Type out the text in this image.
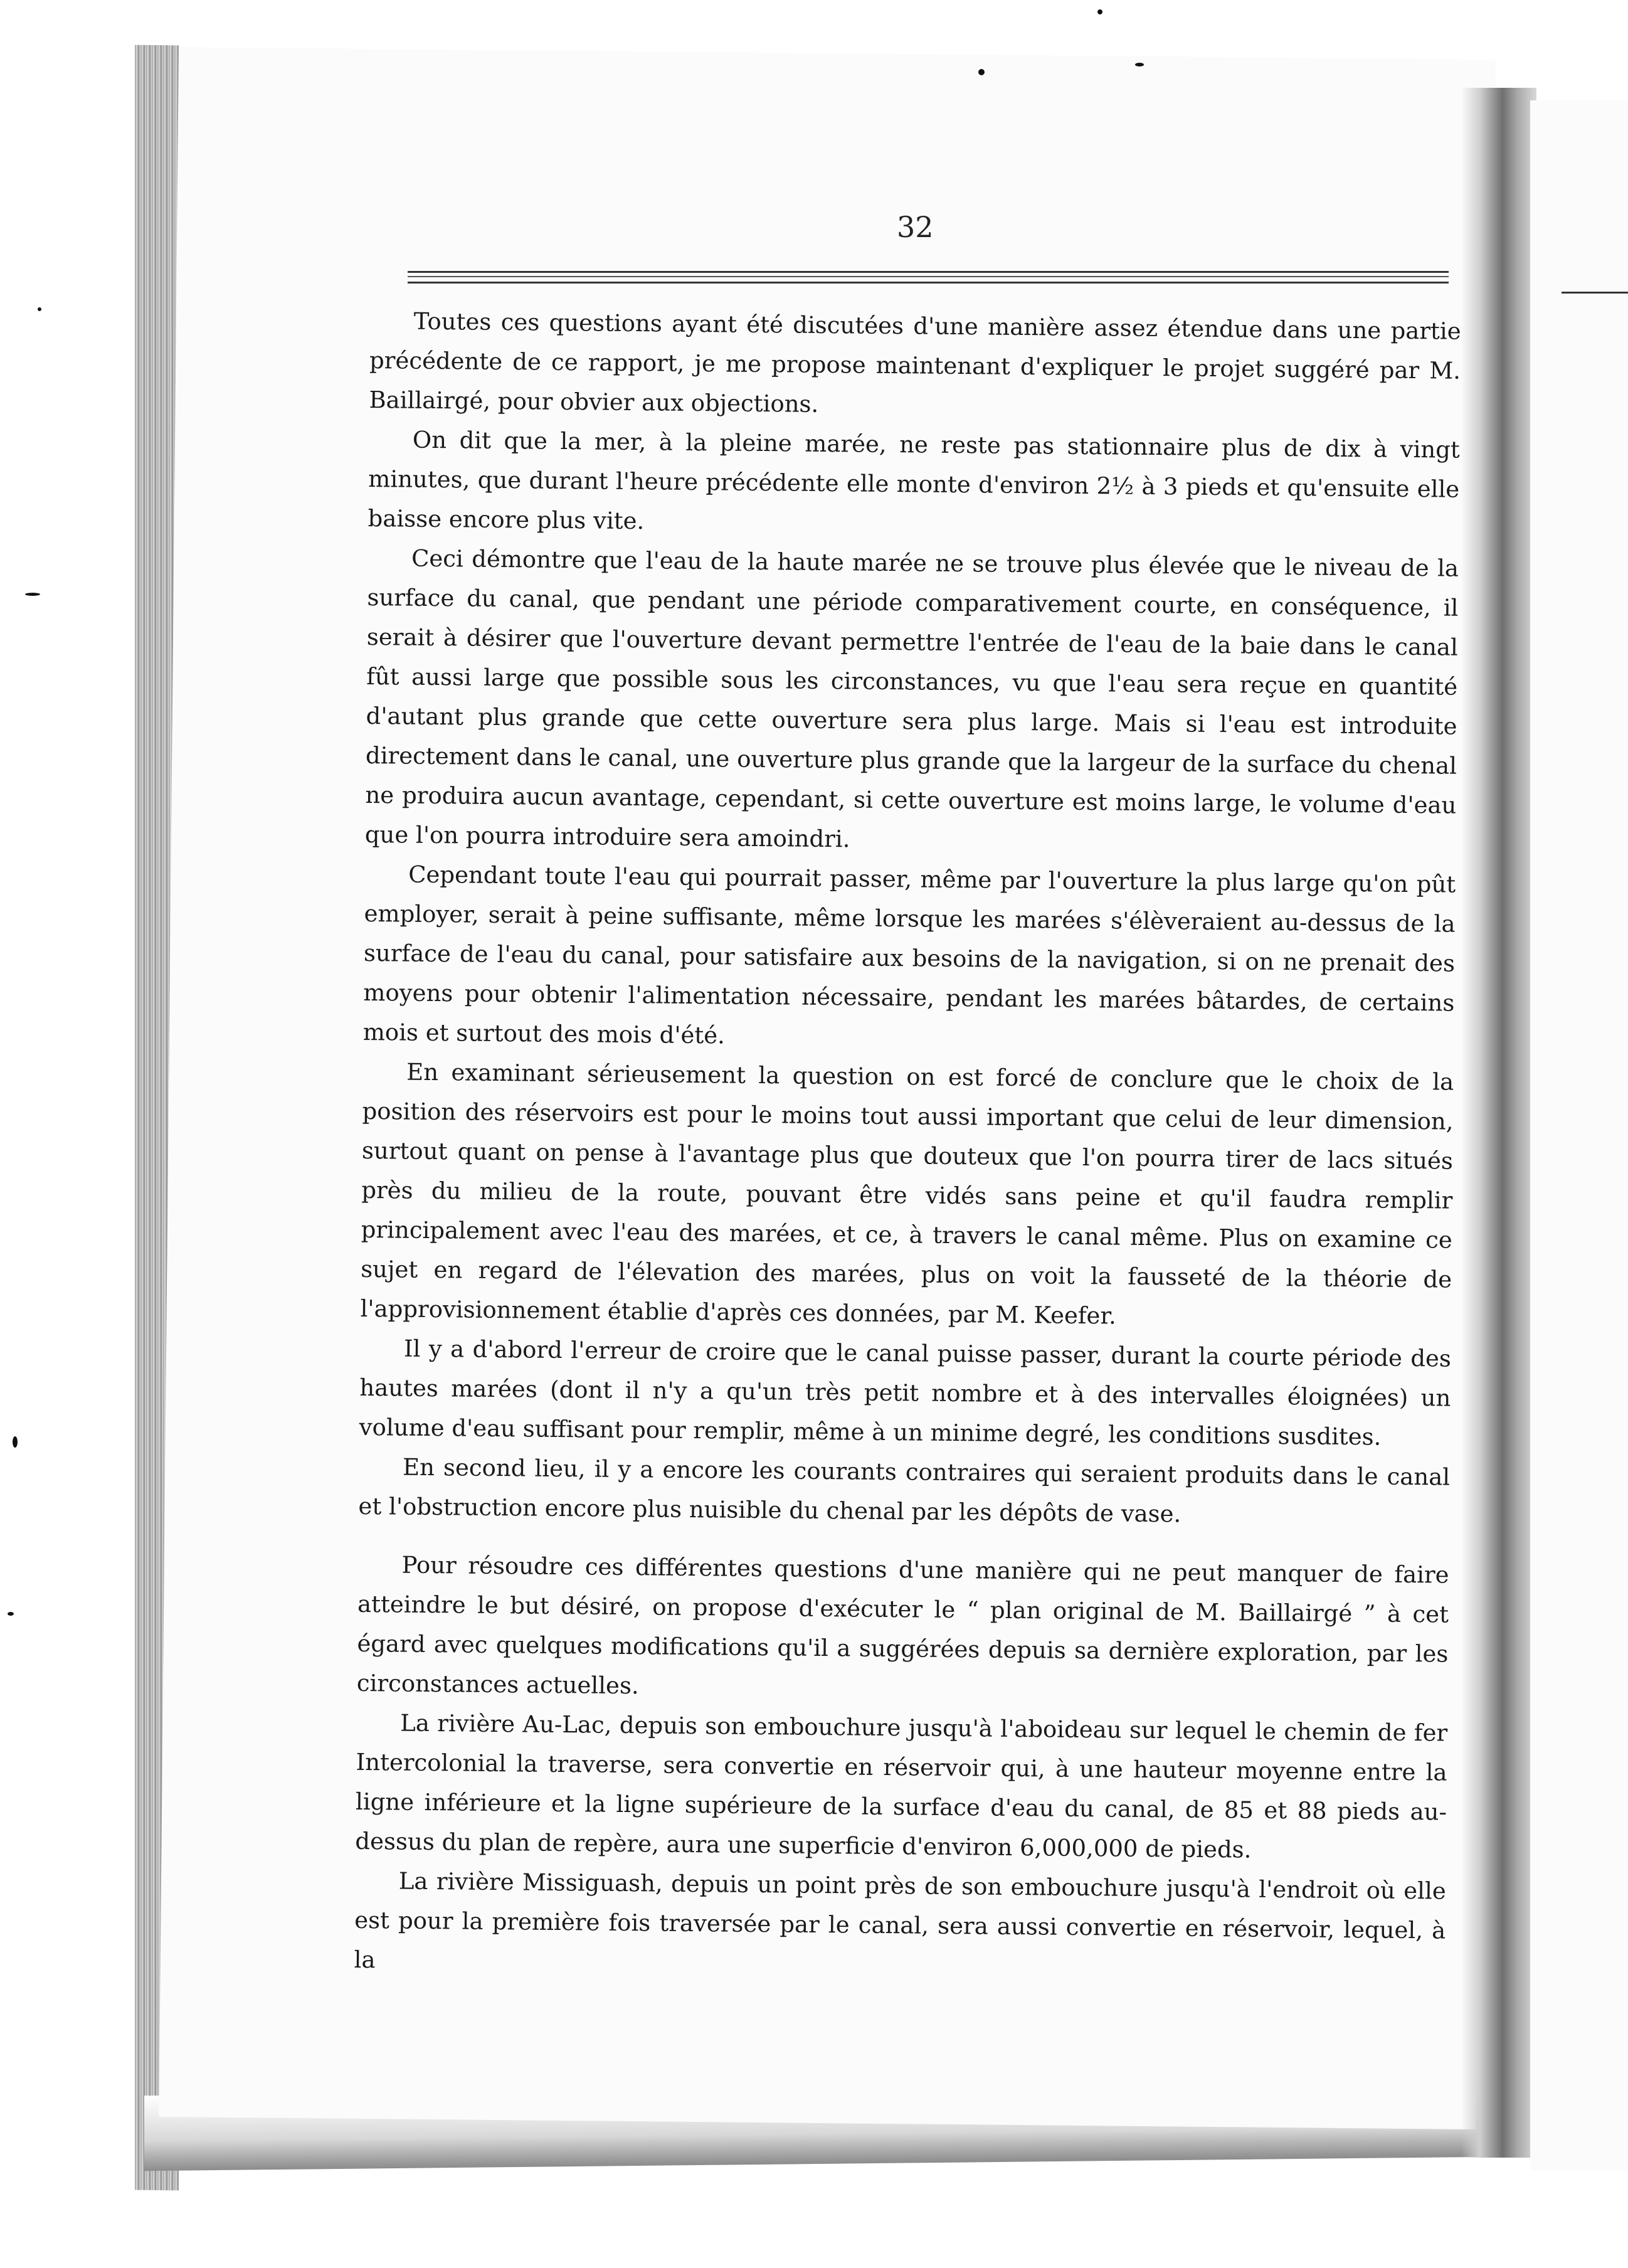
32

Toutes ces questions ayant été discutées d'une manière assez étendue dans une partie précédente de ce rapport, je me propose maintenant d'expliquer le projet suggéré par M. Baillairgé, pour obvier aux objections.

On dit que la mer, à la pleine marée, ne reste pas stationnaire plus de dix à vingt minutes, que durant l'heure précédente elle monte d'environ 2½ à 3 pieds et qu'ensuite elle baisse encore plus vite.

Ceci démontre que l'eau de la haute marée ne se trouve plus élevée que le niveau de la surface du canal, que pendant une période comparativement courte, en conséquence, il serait à désirer que l'ouverture devant permettre l'entrée de l'eau de la baie dans le canal fût aussi large que possible sous les circonstances, vu que l'eau sera reçue en quantité d'autant plus grande que cette ouverture sera plus large. Mais si l'eau est introduite directement dans le canal, une ouverture plus grande que la largeur de la surface du chenal ne produira aucun avantage, cependant, si cette ouverture est moins large, le volume d'eau que l'on pourra introduire sera amoindri.

Cependant toute l'eau qui pourrait passer, même par l'ouverture la plus large qu'on pût employer, serait à peine suffisante, même lorsque les marées s'élèveraient au-dessus de la surface de l'eau du canal, pour satisfaire aux besoins de la navigation, si on ne prenait des moyens pour obtenir l'alimentation nécessaire, pendant les marées bâtardes, de certains mois et surtout des mois d'été.

En examinant sérieusement la question on est forcé de conclure que le choix de la position des réservoirs est pour le moins tout aussi important que celui de leur dimension, surtout quant on pense à l'avantage plus que douteux que l'on pourra tirer de lacs situés près du milieu de la route, pouvant être vidés sans peine et qu'il faudra remplir principalement avec l'eau des marées, et ce, à travers le canal même. Plus on examine ce sujet en regard de l'élevation des marées, plus on voit la fausseté de la théorie de l'approvisionnement établie d'après ces données, par M. Keefer.

Il y a d'abord l'erreur de croire que le canal puisse passer, durant la courte période des hautes marées (dont il n'y a qu'un très petit nombre et à des intervalles éloignées) un volume d'eau suffisant pour remplir, même à un minime degré, les conditions susdites.

En second lieu, il y a encore les courants contraires qui seraient produits dans le canal et l'obstruction encore plus nuisible du chenal par les dépôts de vase.

Pour résoudre ces différentes questions d'une manière qui ne peut manquer de faire atteindre le but désiré, on propose d'exécuter le “ plan original de M. Baillairgé ” à cet égard avec quelques modifications qu'il a suggérées depuis sa dernière exploration, par les circonstances actuelles.

La rivière Au-Lac, depuis son embouchure jusqu'à l'aboideau sur lequel le chemin de fer Intercolonial la traverse, sera convertie en réservoir qui, à une hauteur moyenne entre la ligne inférieure et la ligne supérieure de la surface d'eau du canal, de 85 et 88 pieds au-dessus du plan de repère, aura une superficie d'environ 6,000,000 de pieds.

La rivière Missiguash, depuis un point près de son embouchure jusqu'à l'endroit où elle est pour la première fois traversée par le canal, sera aussi convertie en réservoir, lequel, à la
